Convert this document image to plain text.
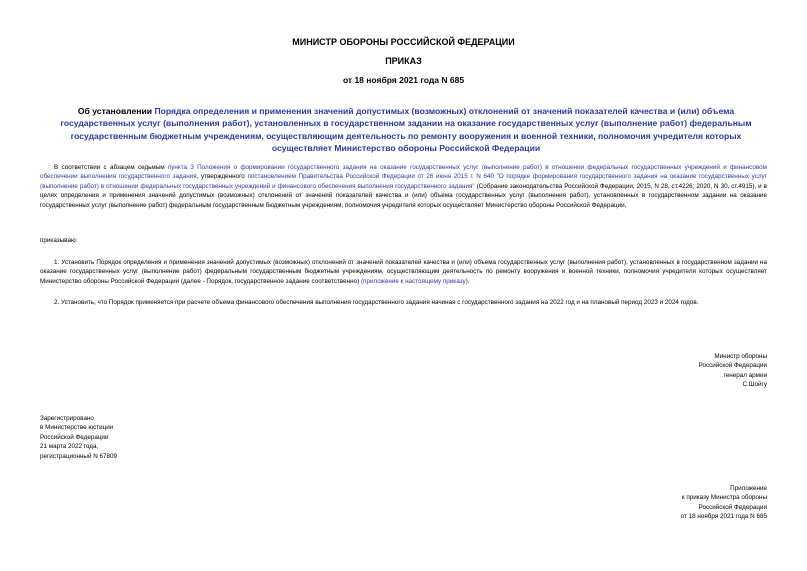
МИНИСТР ОБОРОНЫ РОССИЙСКОЙ ФЕДЕРАЦИИ
ПРИКАЗ
от 18 ноября 2021 года N 685
Об установлении Порядка определения и применения значений допустимых (возможных) отклонений от значений показателей качества и (или) объема государственных услуг (выполнения работ), установленных в государственном задании на оказание государственных услуг (выполнение работ) федеральным государственным бюджетным учреждениям, осуществляющим деятельность по ремонту вооружения и военной техники, полномочия учредителя которых осуществляет Министерство обороны Российской Федерации
В соответствии с абзацем седьмым пункта 3 Положения о формировании государственного задания на оказание государственных услуг (выполнение работ) в отношении федеральных государственных учреждений и финансовом обеспечении выполнения государственного задания, утвержденного постановлением Правительства Российской Федерации от 26 июня 2015 г. N 640 "О порядке формирования государственного задания на оказание государственных услуг (выполнение работ) в отношении федеральных государственных учреждений и финансового обеспечения выполнения государственного задания" (Собрание законодательства Российской Федерации, 2015, N 28, ст.4226; 2020, N 30, ст.4915), и в целях определения и применения значений допустимых (возможных) отклонений от значений показателей качества и (или) объема государственных услуг (выполнения работ), установленных в государственном задании на оказание государственных услуг (выполнение работ) федеральным государственным бюджетным учреждениям, полномочия учредителя которых осуществляет Министерство обороны Российской Федерации,
приказываю:
1. Установить Порядок определения и применения значений допустимых (возможных) отклонений от значений показателей качества и (или) объема государственных услуг (выполнения работ), установленных в государственном задании на оказание государственных услуг (выполнение работ) федеральным государственным бюджетным учреждениям, осуществляющим деятельность по ремонту вооружения и военной техники, полномочия учредителя которых осуществляет Министерство обороны Российской Федерации (далее - Порядок, государственное задание соответственно) (приложение к настоящему приказу).
2. Установить, что Порядок применяется при расчете объема финансового обеспечения выполнения государственного задания начиная с государственного задания на 2022 год и на плановый период 2023 и 2024 годов.
Министр обороны
Российской Федерации
генерал армии
С.Шойгу
Зарегистрировано
в Министерстве юстиции
Российской Федерации
21 марта 2022 года,
регистрационный N 67809
Приложение
к приказу Министра обороны
Российской Федерации
от 18 ноября 2021 года N 685
